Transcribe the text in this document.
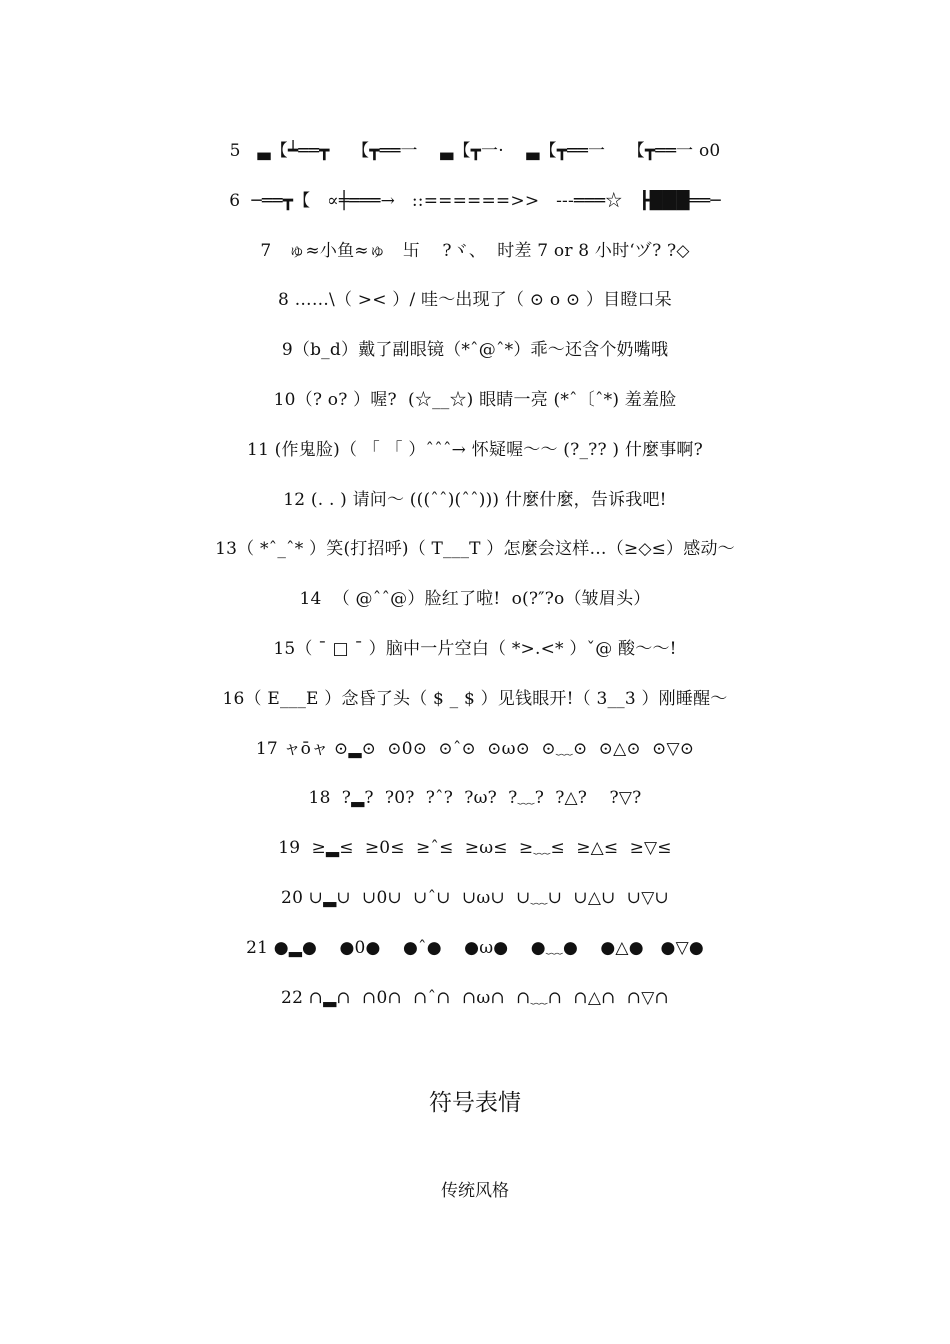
5   ▃【┷══┳    【┳══一    ▃【┳一·    ▃【┳══一    【┳══一 o0
6  ─══┳【   ∝╪═══→   ::======>>   ---═══☆   ┣███══─
7   ゅ≈小鱼≈ゅ   卐    ?ヾ、  时差 7 or 8 小时‘ヅ? ?◇
8 ……\（ >< ）/ 哇～出现了（ ⊙ o ⊙ ）目瞪口呆
9（b_d）戴了副眼镜（*ˆ@ˆ*）乖～还含个奶嘴哦
10（? o? ）喔?  (☆__☆) 眼睛一亮 (*ˆ〔ˆ*) 羞羞脸
11 (作鬼脸)（ 「 「 ）ˆˆˆ→ 怀疑喔～～ (?_?? ) 什麼事啊?
12 (. . ) 请问～ (((ˆˆ)(ˆˆ))) 什麼什麼，告诉我吧!
13（ *ˆ_ˆ* ）笑(打招呼)（ T___T ）怎麼会这样…（≥◇≤）感动～
14  （ @ˆˆ@）脸红了啦!  o(?″?o（皱眉头）
15（ ¯ □ ¯ ）脑中一片空白（ *>.<* ）ˇ@ 酸～～!
16（ E___E ）念昏了头（ $ _ $ ）见钱眼开!（ 3__3 ）刚睡醒～
17 ャōャ ⊙▂⊙  ⊙0⊙  ⊙ˆ⊙  ⊙ω⊙  ⊙﹏⊙  ⊙△⊙  ⊙▽⊙
18  ?▂?  ?0?  ?ˆ?  ?ω?  ?﹏?  ?△?    ?▽?
19  ≥▂≤  ≥0≤  ≥ˆ≤  ≥ω≤  ≥﹏≤  ≥△≤  ≥▽≤
20 ∪▂∪  ∪0∪  ∪ˆ∪  ∪ω∪  ∪﹏∪  ∪△∪  ∪▽∪
21 ●▂●    ●0●    ●ˆ●    ●ω●    ●﹏●    ●△●   ●▽●
22 ∩▂∩  ∩0∩  ∩ˆ∩  ∩ω∩  ∩﹏∩  ∩△∩  ∩▽∩
符号表情
传统风格
